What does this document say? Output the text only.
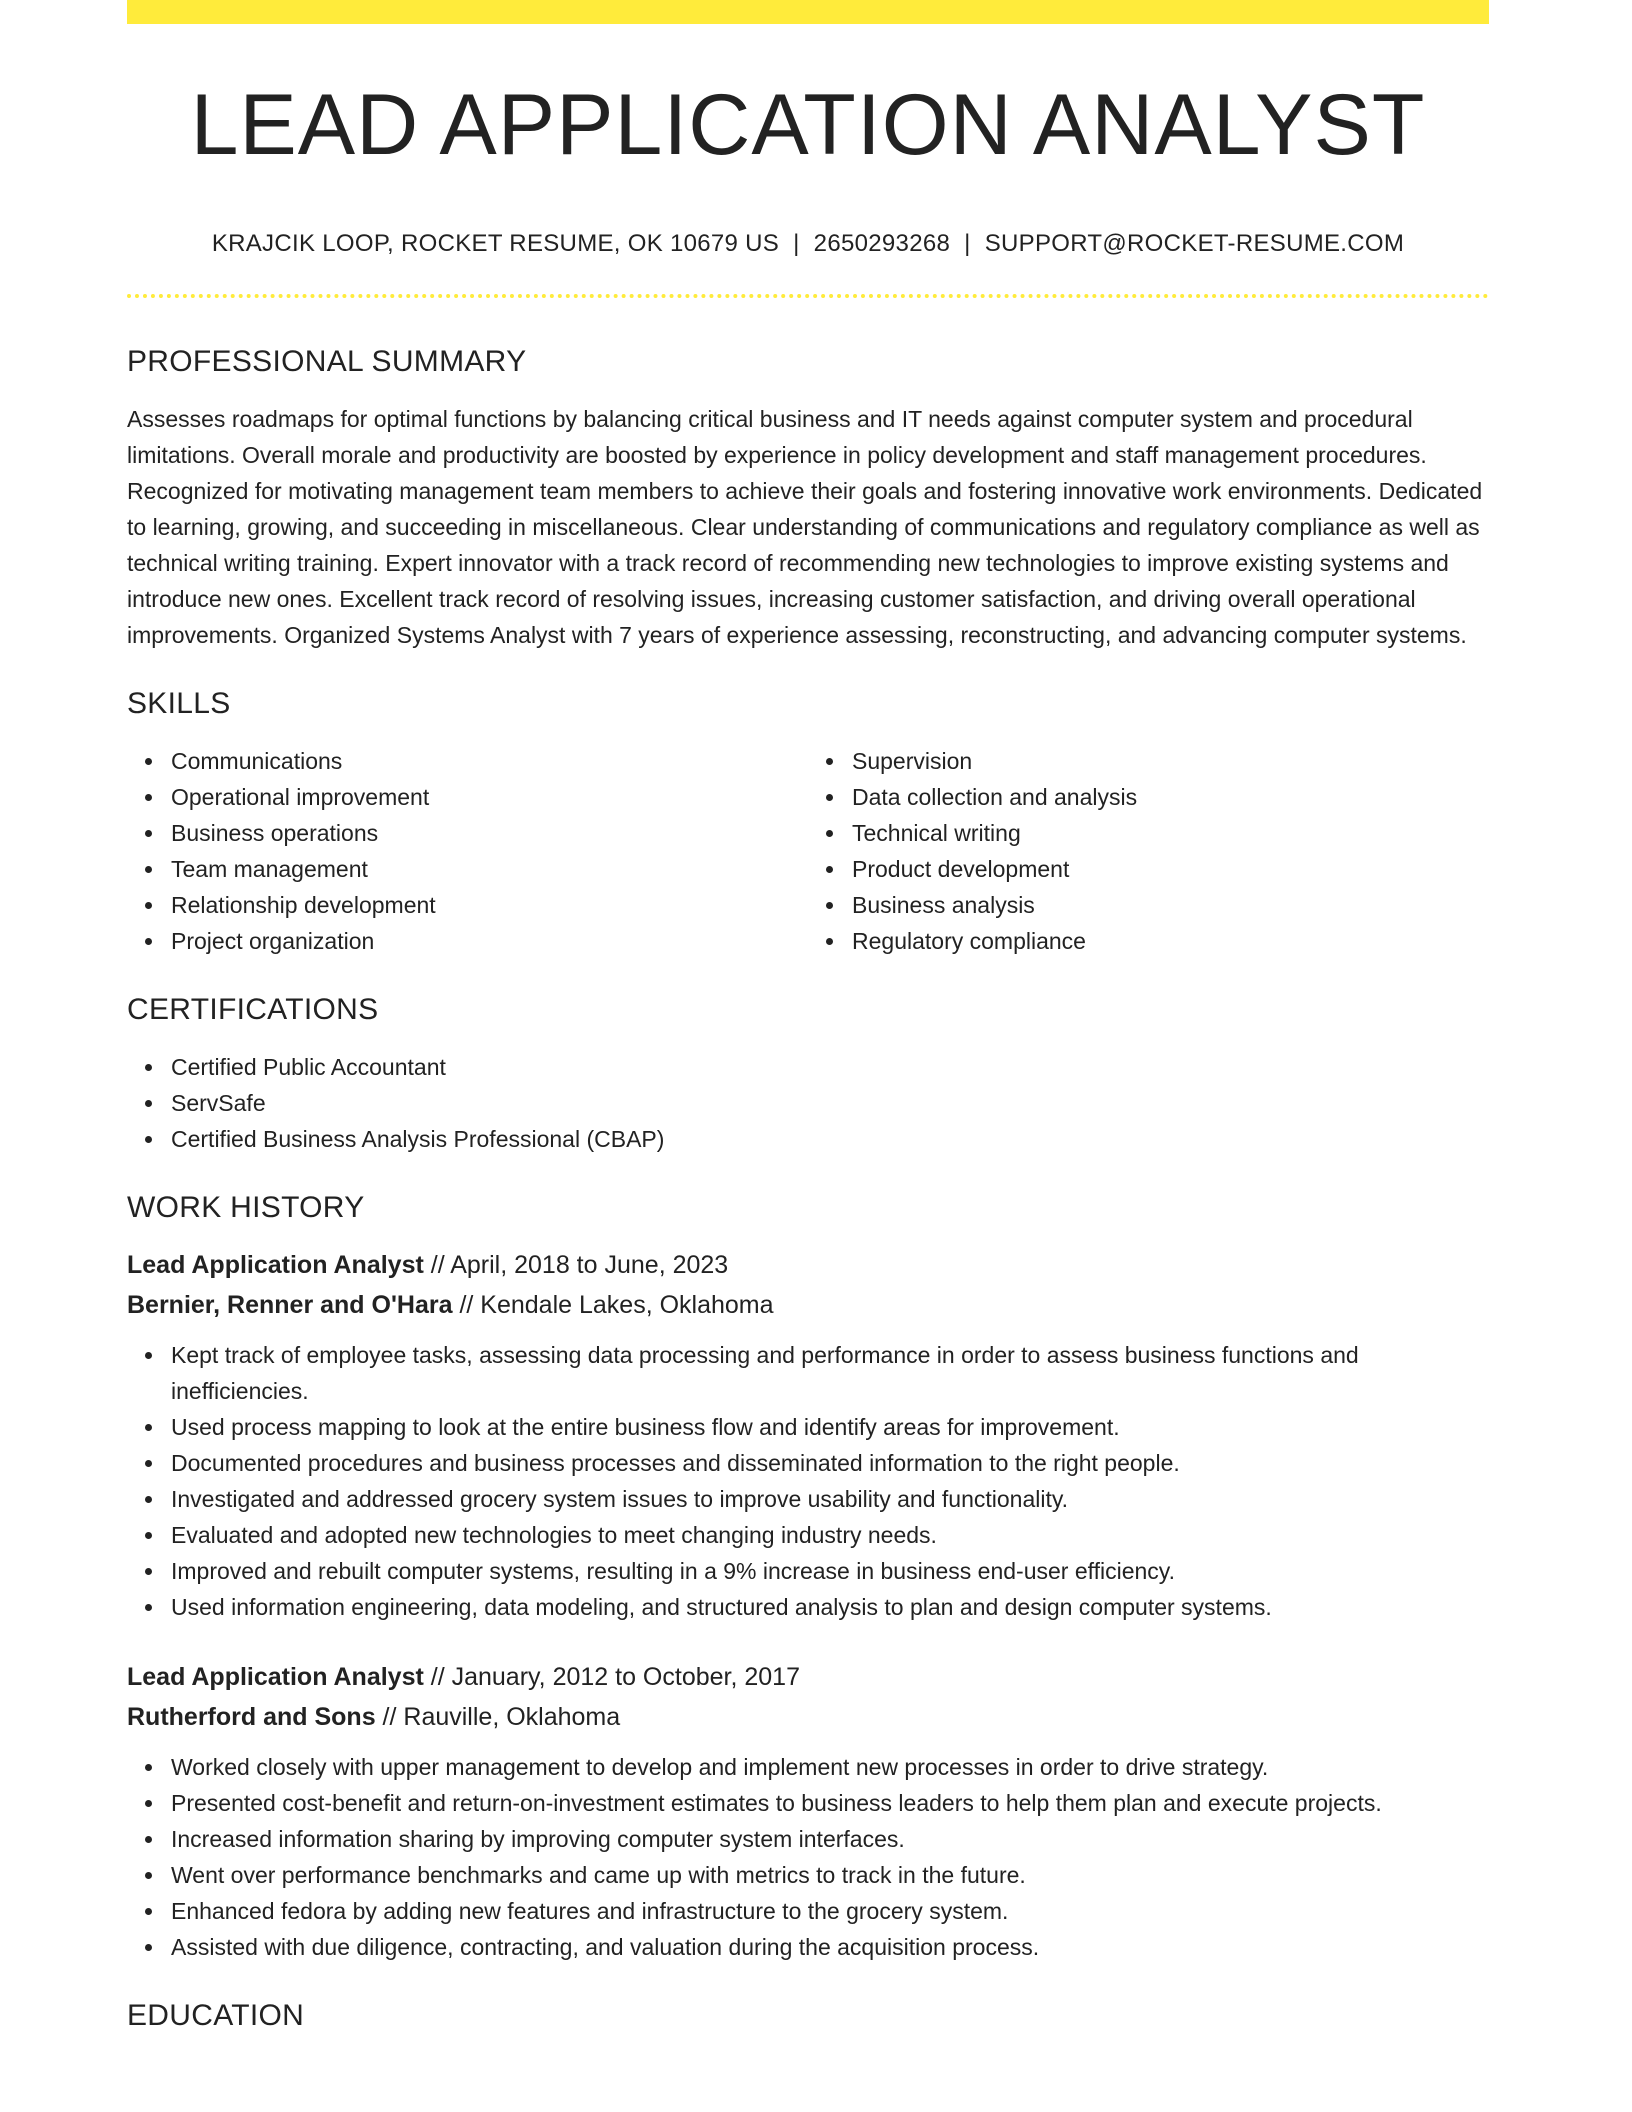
LEAD APPLICATION ANALYST
KRAJCIK LOOP, ROCKET RESUME, OK 10679 US | 2650293268 | SUPPORT@ROCKET-RESUME.COM
PROFESSIONAL SUMMARY

Assesses roadmaps for optimal functions by balancing critical business and IT needs against computer system and procedural limitations. Overall morale and productivity are boosted by experience in policy development and staff management procedures. Recognized for motivating management team members to achieve their goals and fostering innovative work environments. Dedicated to learning, growing, and succeeding in miscellaneous. Clear understanding of communications and regulatory compliance as well as technical writing training. Expert innovator with a track record of recommending new technologies to improve existing systems and introduce new ones. Excellent track record of resolving issues, increasing customer satisfaction, and driving overall operational improvements. Organized Systems Analyst with 7 years of experience assessing, reconstructing, and advancing computer systems.

SKILLS
Communications
Operational improvement
Business operations
Team management
Relationship development
Project organization
Supervision
Data collection and analysis
Technical writing
Product development
Business analysis
Regulatory compliance
CERTIFICATIONS
Certified Public Accountant
ServSafe
Certified Business Analysis Professional (CBAP)
WORK HISTORY
Lead Application Analyst // April, 2018 to June, 2023
Bernier, Renner and O'Hara // Kendale Lakes, Oklahoma
Kept track of employee tasks, assessing data processing and performance in order to assess business functions and inefficiencies.
Used process mapping to look at the entire business flow and identify areas for improvement.
Documented procedures and business processes and disseminated information to the right people.
Investigated and addressed grocery system issues to improve usability and functionality.
Evaluated and adopted new technologies to meet changing industry needs.
Improved and rebuilt computer systems, resulting in a 9% increase in business end-user efficiency.
Used information engineering, data modeling, and structured analysis to plan and design computer systems.
Lead Application Analyst // January, 2012 to October, 2017
Rutherford and Sons // Rauville, Oklahoma
Worked closely with upper management to develop and implement new processes in order to drive strategy.
Presented cost-benefit and return-on-investment estimates to business leaders to help them plan and execute projects.
Increased information sharing by improving computer system interfaces.
Went over performance benchmarks and came up with metrics to track in the future.
Enhanced fedora by adding new features and infrastructure to the grocery system.
Assisted with due diligence, contracting, and valuation during the acquisition process.
EDUCATION
